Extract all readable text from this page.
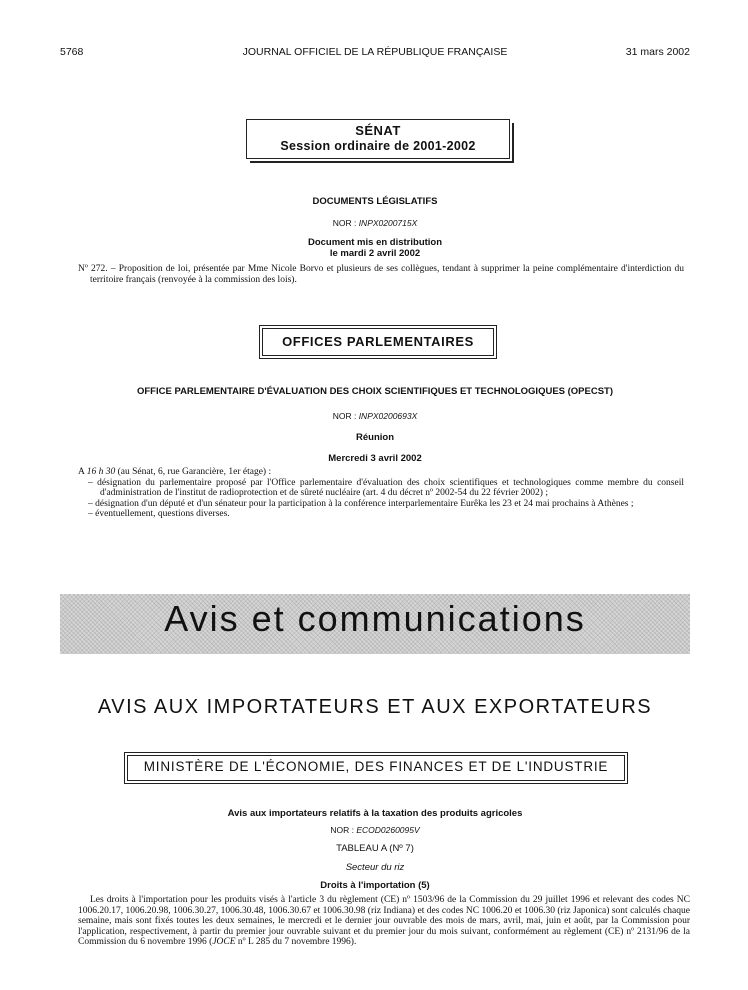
5768	JOURNAL OFFICIEL DE LA RÉPUBLIQUE FRANÇAISE	31 mars 2002
SÉNAT
Session ordinaire de 2001-2002
DOCUMENTS LÉGISLATIFS
NOR : INPX0200715X
Document mis en distribution
le mardi 2 avril 2002
Nº 272. – Proposition de loi, présentée par Mme Nicole Borvo et plusieurs de ses collègues, tendant à supprimer la peine complémentaire d'interdiction du territoire français (renvoyée à la commission des lois).
OFFICES PARLEMENTAIRES
OFFICE PARLEMENTAIRE D'ÉVALUATION DES CHOIX SCIENTIFIQUES ET TECHNOLOGIQUES (OPECST)
NOR : INPX0200693X
Réunion
Mercredi 3 avril 2002
A 16 h 30 (au Sénat, 6, rue Garancière, 1er étage) :
– désignation du parlementaire proposé par l'Office parlementaire d'évaluation des choix scientifiques et technologiques comme membre du conseil d'administration de l'institut de radioprotection et de sûreté nucléaire (art. 4 du décret nº 2002-54 du 22 février 2002) ;
– désignation d'un député et d'un sénateur pour la participation à la conférence interparlementaire Eurêka les 23 et 24 mai prochains à Athènes ;
– éventuellement, questions diverses.
Avis et communications
AVIS AUX IMPORTATEURS ET AUX EXPORTATEURS
MINISTÈRE DE L'ÉCONOMIE, DES FINANCES ET DE L'INDUSTRIE
Avis aux importateurs relatifs à la taxation des produits agricoles
NOR : ECOD0260095V
TABLEAU A (Nº 7)
Secteur du riz
Droits à l'importation (5)
Les droits à l'importation pour les produits visés à l'article 3 du règlement (CE) nº 1503/96 de la Commission du 29 juillet 1996 et relevant des codes NC 1006.20.17, 1006.20.98, 1006.30.27, 1006.30.48, 1006.30.67 et 1006.30.98 (riz Indiana) et des codes NC 1006.20 et 1006.30 (riz Japonica) sont calculés chaque semaine, mais sont fixés toutes les deux semaines, le mercredi et le dernier jour ouvrable des mois de mars, avril, mai, juin et août, par la Commission pour l'application, respectivement, à partir du premier jour ouvrable suivant et du premier jour du mois suivant, conformément au règlement (CE) nº 2131/96 de la Commission du 6 novembre 1996 (JOCE nº L 285 du 7 novembre 1996).
